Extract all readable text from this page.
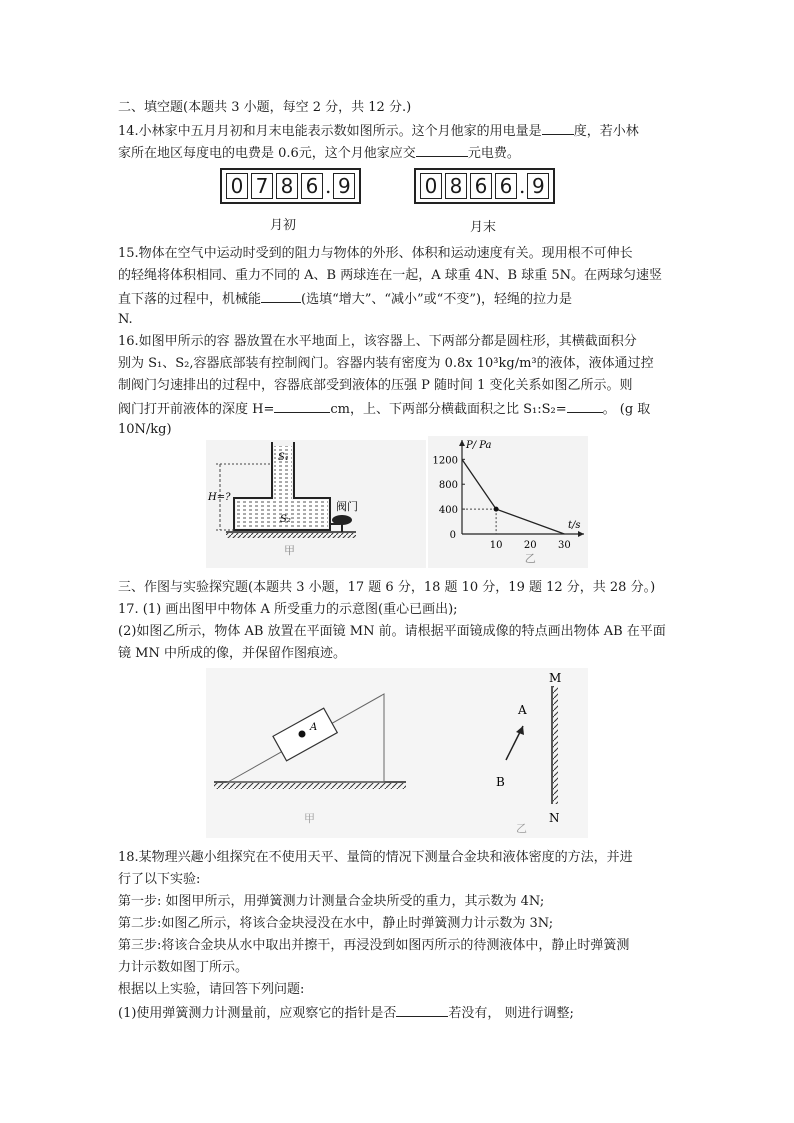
二、填空题(本题共 3 小题，每空 2 分，共 12 分.)
14.小林家中五月月初和月末电能表示数如图所示。这个月他家的用电量是 度，若小林
家所在地区每度电的电费是 0.6元，这个月他家应交	元电费。
0 7 8 6 . 9	0 8 6 6 . 9
月初	月末
15.物体在空气中运动时受到的阻力与物体的外形、体积和运动速度有关。现用根不可伸长
的轻绳将体积相同、重力不同的 A、B 两球连在一起，A 球重 4N、B 球重 5N。在两球匀速竖
直下落的过程中，机械能	(选填“增大”、“减小”或“不变”)，轻绳的拉力是
N.
16.如图甲所示的容 器放置在水平地面上，该容器上、下两部分都是圆柱形，其横截面积分
别为 S₁、S₂,容器底部装有控制阀门。容器内装有密度为 0.8x 10³kg/m³的液体，液体通过控
制阀门匀速排出的过程中，容器底部受到液体的压强 P 随时间 1 变化关系如图乙所示。则
阀门打开前液体的深度 H=	cm，上、下两部分横截面积之比 S₁:S₂=	。 (g 取
10N/kg)
H=?
S₁
S₂
阀门
甲
400
800
1200
10 20 30
0
P/ Pa
t/s
乙
三、作图与实验探究题(本题共 3 小题，17 题 6 分，18 题 10 分，19 题 12 分，共 28 分。)
17. (1) 画出图甲中物体 A 所受重力的示意图(重心已画出);
(2)如图乙所示，物体 AB 放置在平面镜 MN 前。请根据平面镜成像的特点画出物体 AB 在平面
镜 MN 中所成的像，并保留作图痕迹。
A
甲
A
B
M
N
乙
18.某物理兴趣小组探究在不使用天平、量筒的情况下测量合金块和液体密度的方法，并进
行了以下实验:
第一步: 如图甲所示，用弹簧测力计测量合金块所受的重力，其示数为 4N;
第二步:如图乙所示，将该合金块浸没在水中，静止时弹簧测力计示数为 3N;
第三步:将该合金块从水中取出并擦干，再浸没到如图丙所示的待测液体中，静止时弹簧测
力计示数如图丁所示。
根据以上实验，请回答下列问题:
(1)使用弹簧测力计测量前，应观察它的指针是否	若没有， 则进行调整;
